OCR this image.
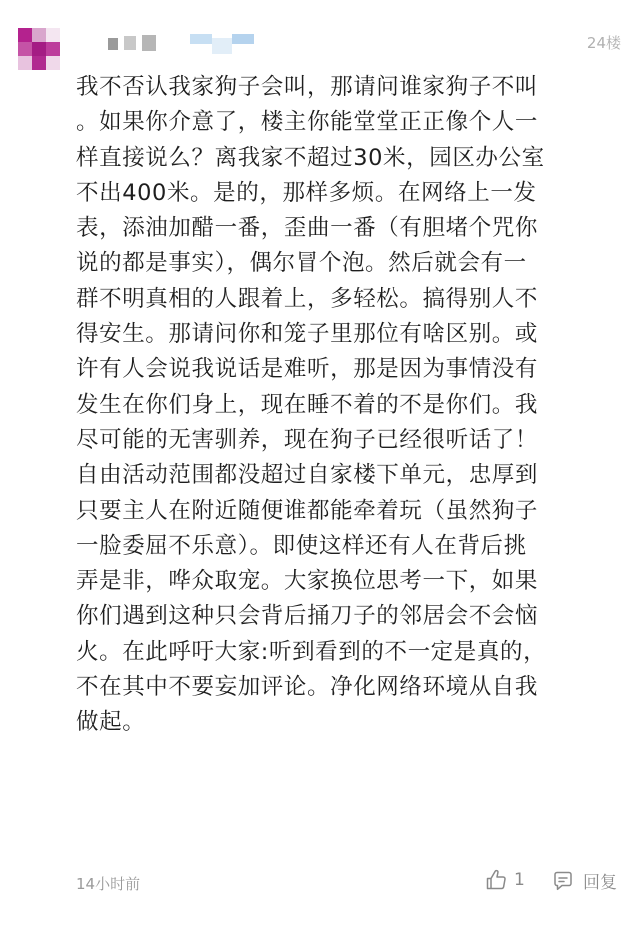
24楼
我不否认我家狗子会叫，那请问谁家狗子不叫
。如果你介意了，楼主你能堂堂正正像个人一
样直接说么？离我家不超过30米，园区办公室
不出400米。是的，那样多烦。在网络上一发
表，添油加醋一番，歪曲一番（有胆堵个咒你
说的都是事实），偶尔冒个泡。然后就会有一
群不明真相的人跟着上，多轻松。搞得别人不
得安生。那请问你和笼子里那位有啥区别。或
许有人会说我说话是难听，那是因为事情没有
发生在你们身上，现在睡不着的不是你们。我
尽可能的无害驯养，现在狗子已经很听话了！
自由活动范围都没超过自家楼下单元，忠厚到
只要主人在附近随便谁都能牵着玩（虽然狗子
一脸委屈不乐意）。即使这样还有人在背后挑
弄是非，哗众取宠。大家换位思考一下，如果
你们遇到这种只会背后捅刀子的邻居会不会恼
火。在此呼吁大家:听到看到的不一定是真的，
不在其中不要妄加评论。净化网络环境从自我
做起。
14小时前	1	回复
